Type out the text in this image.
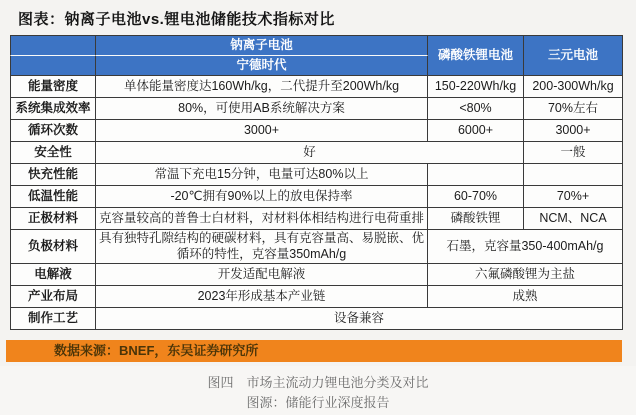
图表：钠离子电池vs.锂电池储能技术指标对比
	钠离子电池	磷酸铁锂电池	三元电池
	宁德时代		
能量密度	单体能量密度达160Wh/kg，二代提升至200Wh/kg	150-220Wh/kg	200-300Wh/kg
系统集成效率	80%，可使用AB系统解决方案	<80%	70%左右
循环次数	3000+	6000+	3000+
安全性	好		一般
快充性能	常温下充电15分钟，电量可达80%以上		
低温性能	-20℃拥有90%以上的放电保持率	60-70%	70%+
正极材料	克容量较高的普鲁士白材料，对材料体相结构进行电荷重排	磷酸铁锂	NCM、NCA
负极材料	具有独特孔隙结构的硬碳材料，具有克容量高、易脱嵌、优循环的特性，克容量350mAh/g	石墨，克容量350-400mAh/g	
电解液	开发适配电解液	六氟磷酸锂为主盐	
产业布局	2023年形成基本产业链	成熟	
制作工艺	设备兼容		
数据来源：BNEF，东吴证券研究所
图四　市场主流动力锂电池分类及对比
图源：储能行业深度报告
